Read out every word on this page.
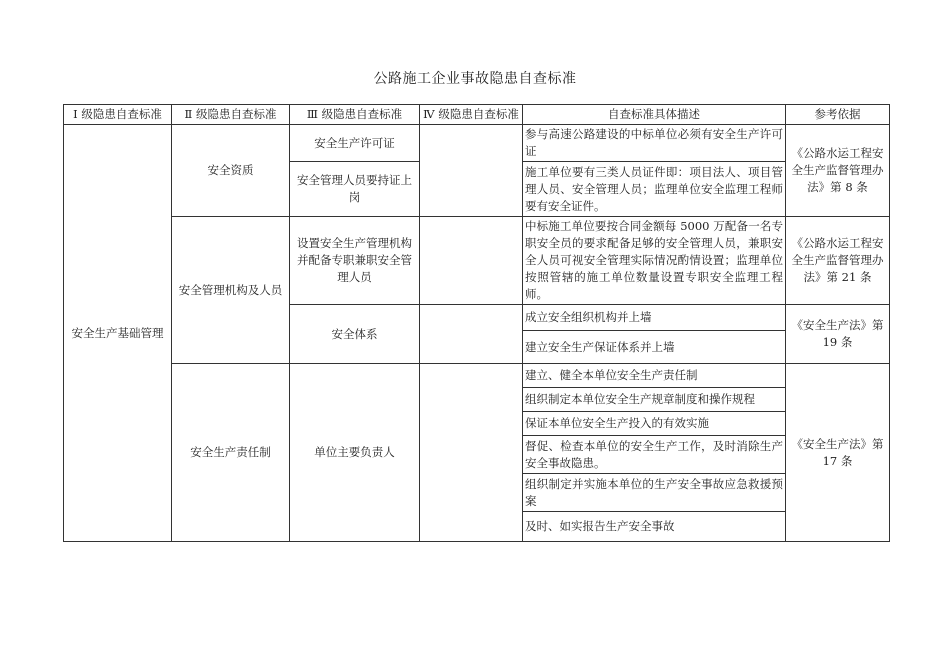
公路施工企业事故隐患自查标准
Ⅰ 级隐患自查标准	Ⅱ 级隐患自查标准	Ⅲ 级隐患自查标准	Ⅳ 级隐患自查标准	自查标准具体描述	参考依据
安全生产基础管理	安全资质	安全生产许可证		参与高速公路建设的中标单位必须有安全生产许可证	《公路水运工程安全生产监督管理办法》第 8 条
		安全管理人员要持证上岗		施工单位要有三类人员证件即：项目法人、项目管理人员、安全管理人员；监理单位安全监理工程师要有安全证件。	
	安全管理机构及人员	设置安全生产管理机构并配备专职兼职安全管理人员		中标施工单位要按合同金额每 5000 万配备一名专职安全员的要求配备足够的安全管理人员，兼职安全人员可视安全管理实际情况酌情设置；监理单位按照管辖的施工单位数量设置专职安全监理工程师。	《公路水运工程安全生产监督管理办法》第 21 条
		安全体系		成立安全组织机构并上墙	《安全生产法》第 19 条
				建立安全生产保证体系并上墙	
	安全生产责任制	单位主要负责人		建立、健全本单位安全生产责任制	《安全生产法》第 17 条
				组织制定本单位安全生产规章制度和操作规程	
				保证本单位安全生产投入的有效实施	
				督促、检查本单位的安全生产工作，及时消除生产安全事故隐患。	
				组织制定并实施本单位的生产安全事故应急救援预案	
				及时、如实报告生产安全事故	
